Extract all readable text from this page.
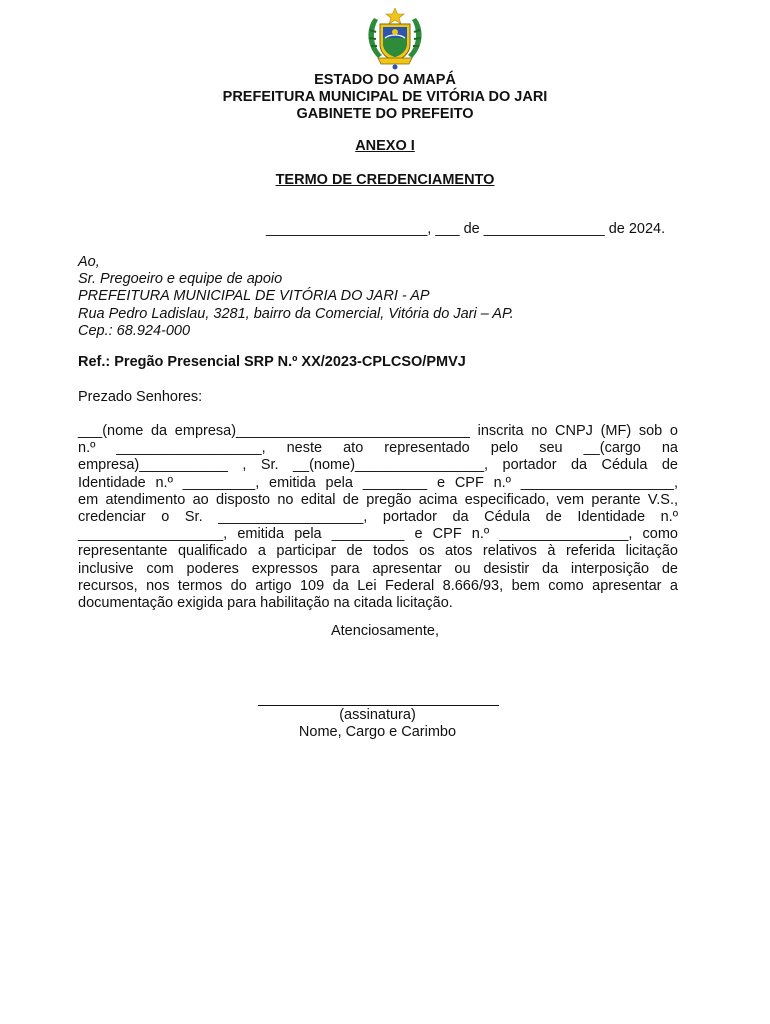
ESTADO DO AMAPÁ
PREFEITURA MUNICIPAL DE VITÓRIA DO JARI
GABINETE DO PREFEITO
ANEXO I
TERMO DE CREDENCIAMENTO
____________________, ___ de _______________ de 2024.
Ao,
Sr. Pregoeiro e equipe de apoio
PREFEITURA MUNICIPAL DE VITÓRIA DO JARI - AP
Rua Pedro Ladislau, 3281, bairro da Comercial, Vitória do Jari – AP.
Cep.: 68.924-000
Ref.: Pregão Presencial SRP N.º XX/2023-CPLCSO/PMVJ
Prezado Senhores:
___(nome da empresa)_____________________________ inscrita no CNPJ (MF) sob o
n.º __________________, neste ato representado pelo seu __(cargo na
empresa)___________ , Sr. __(nome)________________, portador da Cédula de
Identidade n.º _________, emitida pela ________ e CPF n.º ___________________,
em atendimento ao disposto no edital de pregão acima especificado, vem perante V.S.,
credenciar o Sr. __________________, portador da Cédula de Identidade n.º
__________________, emitida pela _________ e CPF n.º ________________, como
representante qualificado a participar de todos os atos relativos à referida licitação
inclusive com poderes expressos para apresentar ou desistir da interposição de
recursos, nos termos do artigo 109 da Lei Federal 8.666/93, bem como apresentar a
documentação exigida para habilitação na citada licitação.
Atenciosamente,
(assinatura)
Nome, Cargo e Carimbo
